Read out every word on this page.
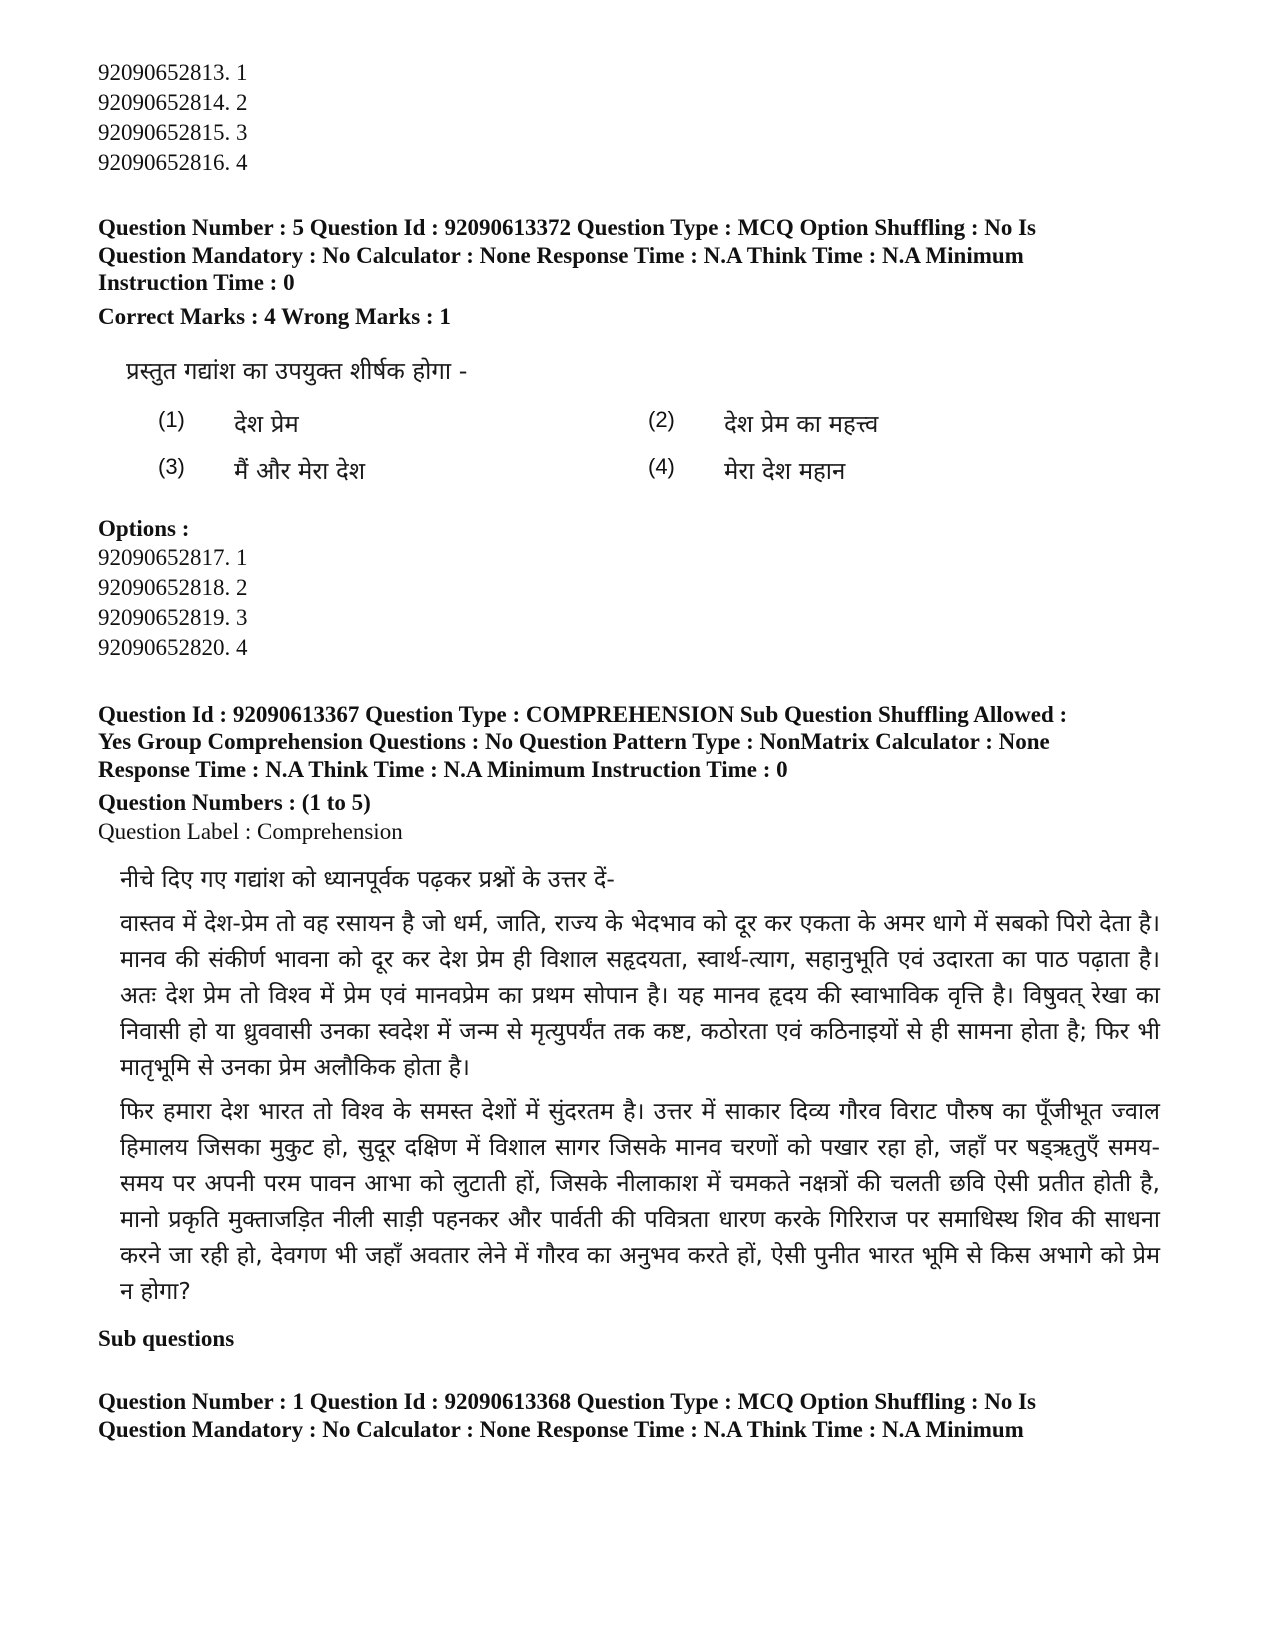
92090652813. 1

92090652814. 2

92090652815. 3

92090652816. 4

Question Number : 5 Question Id : 92090613372 Question Type : MCQ Option Shuffling : No Is

Question Mandatory : No Calculator : None Response Time : N.A Think Time : N.A Minimum

Instruction Time : 0

Correct Marks : 4 Wrong Marks : 1

प्रस्तुत गद्यांश का उपयुक्त शीर्षक होगा -

(1)	देश प्रेम	(2)	देश प्रेम का महत्त्व
(3)	मैं और मेरा देश	(4)	मेरा देश महान

Options :

92090652817. 1

92090652818. 2

92090652819. 3

92090652820. 4

Question Id : 92090613367 Question Type : COMPREHENSION Sub Question Shuffling Allowed :

Yes Group Comprehension Questions : No Question Pattern Type : NonMatrix Calculator : None

Response Time : N.A Think Time : N.A Minimum Instruction Time : 0

Question Numbers : (1 to 5)

Question Label : Comprehension

नीचे दिए गए गद्यांश को ध्यानपूर्वक पढ़कर प्रश्नों के उत्तर दें-

वास्तव में देश-प्रेम तो वह रसायन है जो धर्म, जाति, राज्य के भेदभाव को दूर कर एकता के अमर धागे में सबको पिरो देता है। मानव की संकीर्ण भावना को दूर कर देश प्रेम ही विशाल सहृदयता, स्वार्थ-त्याग, सहानुभूति एवं उदारता का पाठ पढ़ाता है। अतः देश प्रेम तो विश्व में प्रेम एवं मानवप्रेम का प्रथम सोपान है। यह मानव हृदय की स्वाभाविक वृत्ति है। विषुवत् रेखा का निवासी हो या ध्रुववासी उनका स्वदेश में जन्म से मृत्युपर्यंत तक कष्ट, कठोरता एवं कठिनाइयों से ही सामना होता है; फिर भी मातृभूमि से उनका प्रेम अलौकिक होता है।

फिर हमारा देश भारत तो विश्व के समस्त देशों में सुंदरतम है। उत्तर में साकार दिव्य गौरव विराट पौरुष का पूँजीभूत ज्वाल हिमालय जिसका मुकुट हो, सुदूर दक्षिण में विशाल सागर जिसके मानव चरणों को पखार रहा हो, जहाँ पर षड्ऋतुएँ समय-समय पर अपनी परम पावन आभा को लुटाती हों, जिसके नीलाकाश में चमकते नक्षत्रों की चलती छवि ऐसी प्रतीत होती है, मानो प्रकृति मुक्ताजड़ित नीली साड़ी पहनकर और पार्वती की पवित्रता धारण करके गिरिराज पर समाधिस्थ शिव की साधना करने जा रही हो, देवगण भी जहाँ अवतार लेने में गौरव का अनुभव करते हों, ऐसी पुनीत भारत भूमि से किस अभागे को प्रेम न होगा?

Sub questions

Question Number : 1 Question Id : 92090613368 Question Type : MCQ Option Shuffling : No Is

Question Mandatory : No Calculator : None Response Time : N.A Think Time : N.A Minimum
